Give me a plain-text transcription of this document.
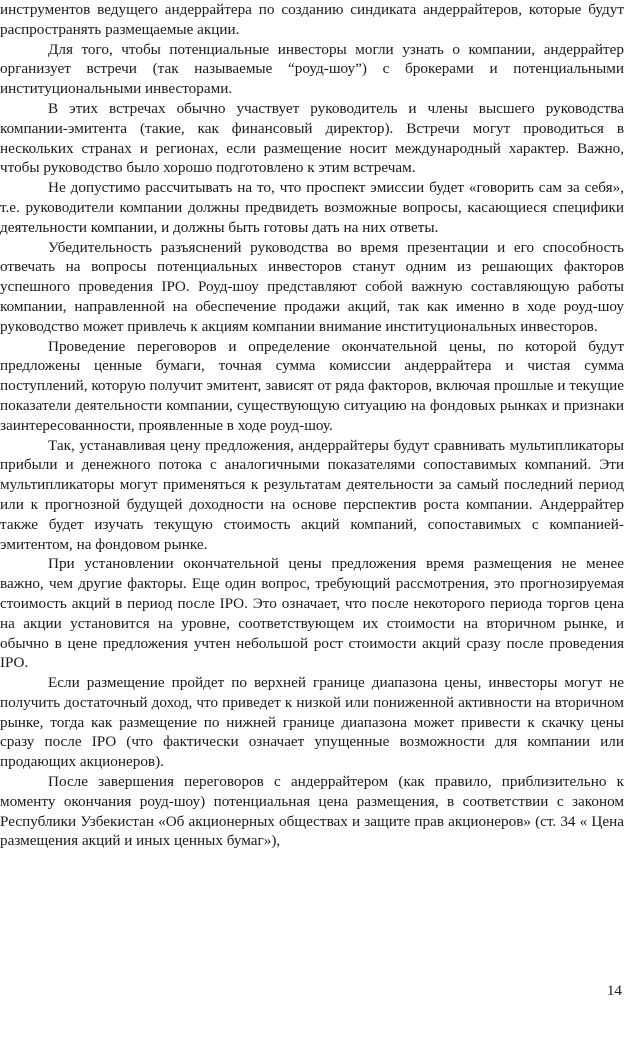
инструментов ведущего андеррайтера по созданию синдиката андеррайтеров, которые будут распространять размещаемые акции.

Для того, чтобы потенциальные инвесторы могли узнать о компании, андеррайтер организует встречи (так называемые “роуд-шоу”) с брокерами и потенциальными институциональными инвесторами.

В этих встречах обычно участвует руководитель и члены высшего руководства компании-эмитента (такие, как финансовый директор). Встречи могут проводиться в нескольких странах и регионах, если размещение носит международный характер. Важно, чтобы руководство было хорошо подготовлено к этим встречам.

Не допустимо рассчитывать на то, что проспект эмиссии будет «говорить сам за себя», т.е. руководители компании должны предвидеть возможные вопросы, касающиеся специфики деятельности компании, и должны быть готовы дать на них ответы.

Убедительность разъяснений руководства во время презентации и его способность отвечать на вопросы потенциальных инвесторов станут одним из решающих факторов успешного проведения IPO. Роуд-шоу представляют собой важную составляющую работы компании, направленной на обеспечение продажи акций, так как именно в ходе роуд-шоу руководство может привлечь к акциям компании внимание институциональных инвесторов.

Проведение переговоров и определение окончательной цены, по которой будут предложены ценные бумаги, точная сумма комиссии андеррайтера и чистая сумма поступлений, которую получит эмитент, зависят от ряда факторов, включая прошлые и текущие показатели деятельности компании, существующую ситуацию на фондовых рынках и признаки заинтересованности, проявленные в ходе роуд-шоу.

Так, устанавливая цену предложения, андеррайтеры будут сравнивать мультипликаторы прибыли и денежного потока с аналогичными показателями сопоставимых компаний. Эти мультипликаторы могут применяться к результатам деятельности за самый последний период или к прогнозной будущей доходности на основе перспектив роста компании. Андеррайтер также будет изучать текущую стоимость акций компаний, сопоставимых с компанией-эмитентом, на фондовом рынке.

При установлении окончательной цены предложения время размещения не менее важно, чем другие факторы. Еще один вопрос, требующий рассмотрения, это прогнозируемая стоимость акций в период после IPO. Это означает, что после некоторого периода торгов цена на акции установится на уровне, соответствующем их стоимости на вторичном рынке, и обычно в цене предложения учтен небольшой рост стоимости акций сразу после проведения IPO.

Если размещение пройдет по верхней границе диапазона цены, инвесторы могут не получить достаточный доход, что приведет к низкой или пониженной активности на вторичном рынке, тогда как размещение по нижней границе диапазона может привести к скачку цены сразу после IPO (что фактически означает упущенные возможности для компании или продающих акционеров).

После завершения переговоров с андеррайтером (как правило, приблизительно к моменту окончания роуд-шоу) потенциальная цена размещения, в соответствии с законом Республики Узбекистан «Об акционерных обществах и защите прав акционеров» (ст. 34 « Цена размещения акций и иных ценных бумаг»),

14
